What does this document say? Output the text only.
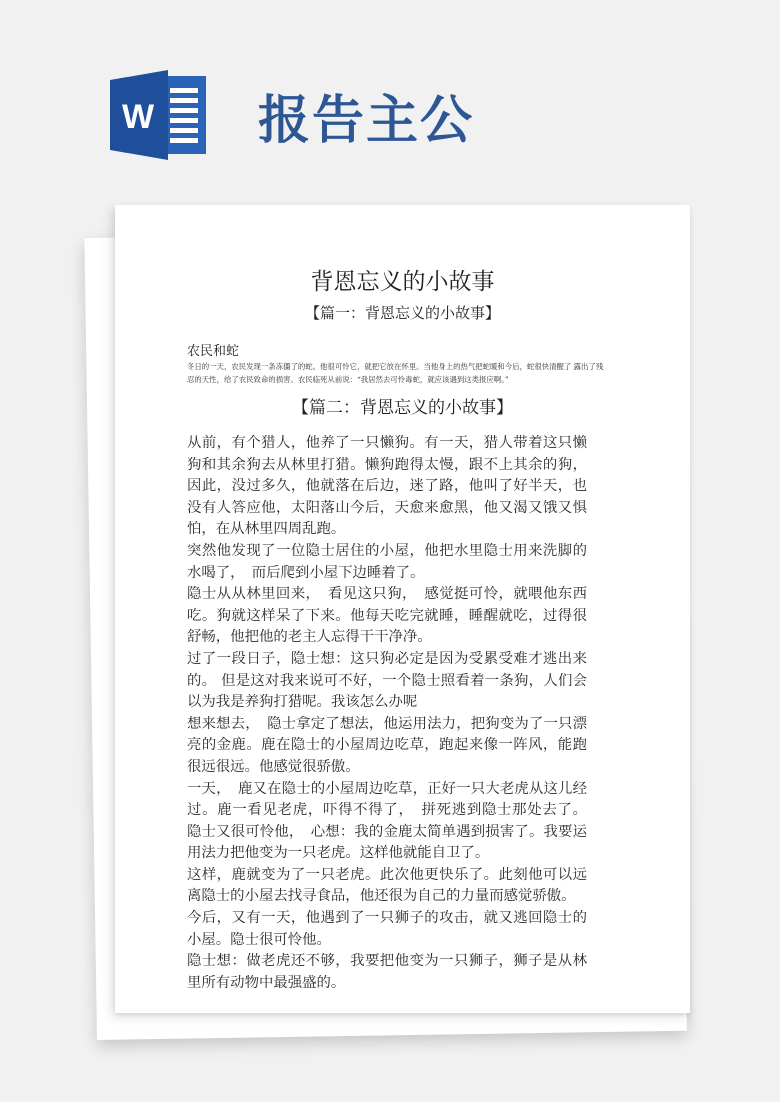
W 报告主公
背恩忘义的小故事
【篇一：背恩忘义的小故事】
农民和蛇
冬日的一天，农民发现一条冻僵了的蛇。他很可怜它，就把它放在怀里。当他身上的热气把蛇暖和今后，蛇很快清醒了 露出了残忍的天性，给了农民致命的损害。农民临死从前说：“我居然去可怜毒蛇，就应该遇到这类报应啊。”
【篇二：背恩忘义的小故事】

从前，有个猎人，他养了一只懒狗。有一天，猎人带着这只懒狗和其余狗去从林里打猎。懒狗跑得太慢，跟不上其余的狗，因此，没过多久，他就落在后边，迷了路，他叫了好半天，也没有人答应他，太阳落山今后，天愈来愈黑，他又渴又饿又惧怕，在从林里四周乱跑。

突然他发现了一位隐士居住的小屋，他把水里隐士用来洗脚的水喝了，　而后爬到小屋下边睡着了。

隐士从从林里回来，　看见这只狗，　感觉挺可怜，就喂他东西吃。狗就这样呆了下来。他每天吃完就睡，睡醒就吃，过得很舒畅，他把他的老主人忘得干干净净。

过了一段日子，隐士想：这只狗必定是因为受累受难才逃出来的。 但是这对我来说可不好，一个隐士照看着一条狗，人们会以为我是养狗打猎呢。我该怎么办呢

想来想去，　隐士拿定了想法，他运用法力，把狗变为了一只漂亮的金鹿。鹿在隐士的小屋周边吃草，跑起来像一阵风，能跑很远很远。他感觉很骄傲。

一天，　鹿又在隐士的小屋周边吃草，正好一只大老虎从这儿经过。鹿一看见老虎，吓得不得了，　拼死逃到隐士那处去了。 隐士又很可怜他，　心想：我的金鹿太简单遇到损害了。我要运用法力把他变为一只老虎。这样他就能自卫了。

这样，鹿就变为了一只老虎。此次他更快乐了。此刻他可以远离隐士的小屋去找寻食品，他还很为自己的力量而感觉骄傲。

今后，又有一天，他遇到了一只狮子的攻击，就又逃回隐士的小屋。隐士很可怜他。

隐士想：做老虎还不够，我要把他变为一只狮子，狮子是从林里所有动物中最强盛的。
